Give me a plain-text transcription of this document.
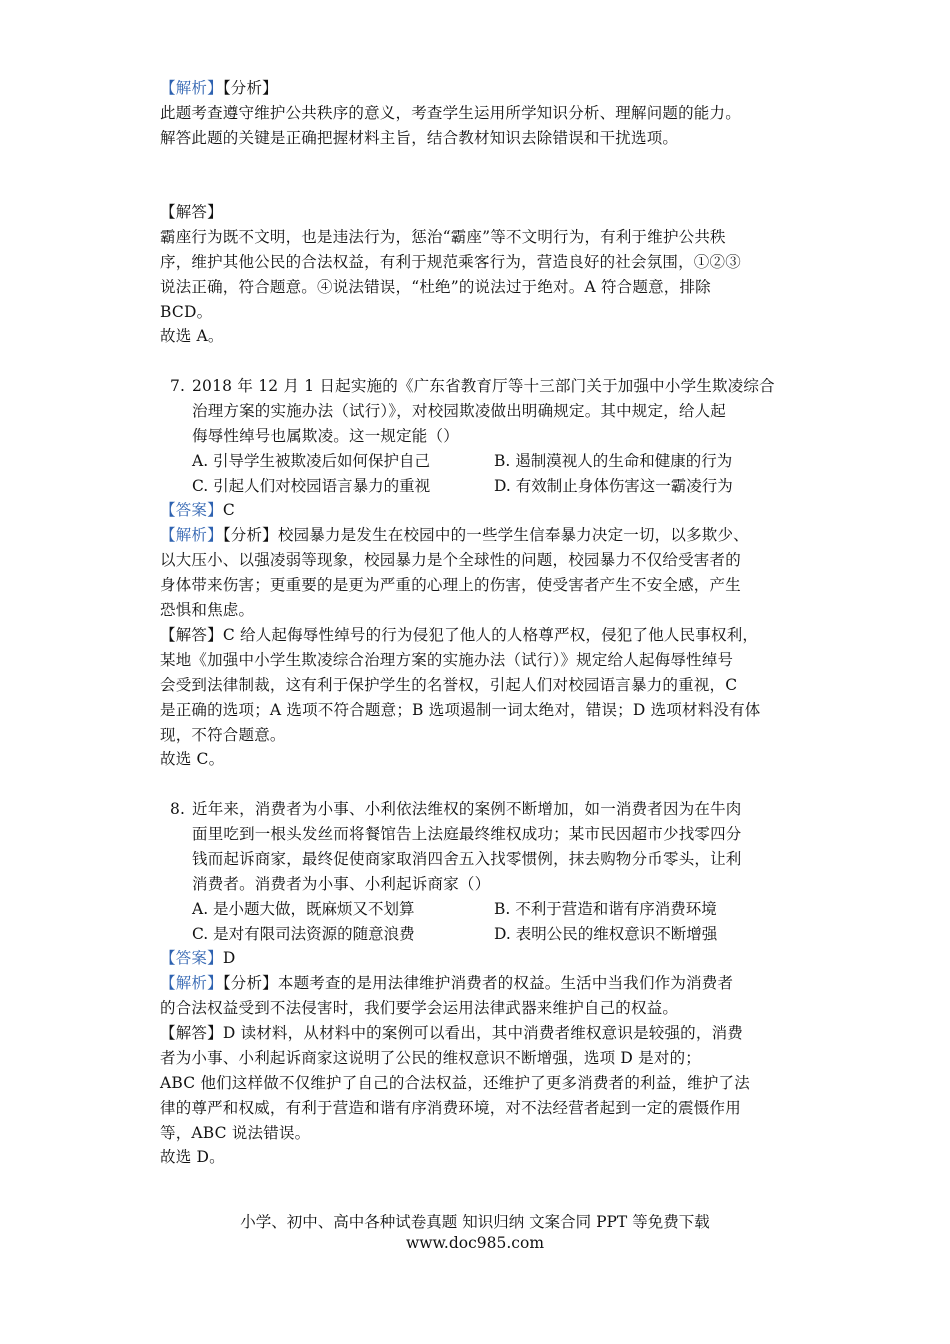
【解析】【分析】
此题考查遵守维护公共秩序的意义，考查学生运用所学知识分析、理解问题的能力。
解答此题的关键是正确把握材料主旨，结合教材知识去除错误和干扰选项。
【解答】
霸座行为既不文明，也是违法行为，惩治“霸座”等不文明行为，有利于维护公共秩
序，维护其他公民的合法权益，有利于规范乘客行为，营造良好的社会氛围，①②③
说法正确，符合题意。④说法错误，“杜绝”的说法过于绝对。A 符合题意，排除
BCD。
故选 A。
7. 2018 年 12 月 1 日起实施的《广东省教育厅等十三部门关于加强中小学生欺凌综合
治理方案的实施办法（试行）》，对校园欺凌做出明确规定。其中规定，给人起
侮辱性绰号也属欺凌。这一规定能（）
A. 引导学生被欺凌后如何保护自己	B. 遏制漠视人的生命和健康的行为
C. 引起人们对校园语言暴力的重视	D. 有效制止身体伤害这一霸凌行为
【答案】C
【解析】【分析】校园暴力是发生在校园中的一些学生信奉暴力决定一切，以多欺少、
以大压小、以强凌弱等现象，校园暴力是个全球性的问题，校园暴力不仅给受害者的
身体带来伤害；更重要的是更为严重的心理上的伤害，使受害者产生不安全感，产生
恐惧和焦虑。
【解答】C 给人起侮辱性绰号的行为侵犯了他人的人格尊严权，侵犯了他人民事权利，
某地《加强中小学生欺凌综合治理方案的实施办法（试行）》规定给人起侮辱性绰号
会受到法律制裁，这有利于保护学生的名誉权，引起人们对校园语言暴力的重视，C
是正确的选项；A 选项不符合题意；B 选项遏制一词太绝对，错误；D 选项材料没有体
现，不符合题意。
故选 C。
8. 近年来，消费者为小事、小利依法维权的案例不断增加，如一消费者因为在牛肉
面里吃到一根头发丝而将餐馆告上法庭最终维权成功；某市民因超市少找零四分
钱而起诉商家，最终促使商家取消四舍五入找零惯例，抹去购物分币零头，让利
消费者。消费者为小事、小利起诉商家（）
A. 是小题大做，既麻烦又不划算	B. 不利于营造和谐有序消费环境
C. 是对有限司法资源的随意浪费	D. 表明公民的维权意识不断增强
【答案】D
【解析】【分析】本题考查的是用法律维护消费者的权益。生活中当我们作为消费者
的合法权益受到不法侵害时，我们要学会运用法律武器来维护自己的权益。
【解答】D 读材料，从材料中的案例可以看出，其中消费者维权意识是较强的，消费
者为小事、小利起诉商家这说明了公民的维权意识不断增强，选项 D 是对的；
ABC 他们这样做不仅维护了自己的合法权益，还维护了更多消费者的利益，维护了法
律的尊严和权威，有利于营造和谐有序消费环境，对不法经营者起到一定的震慑作用
等，ABC 说法错误。
故选 D。
小学、初中、高中各种试卷真题 知识归纳 文案合同 PPT 等免费下载
www.doc985.com
